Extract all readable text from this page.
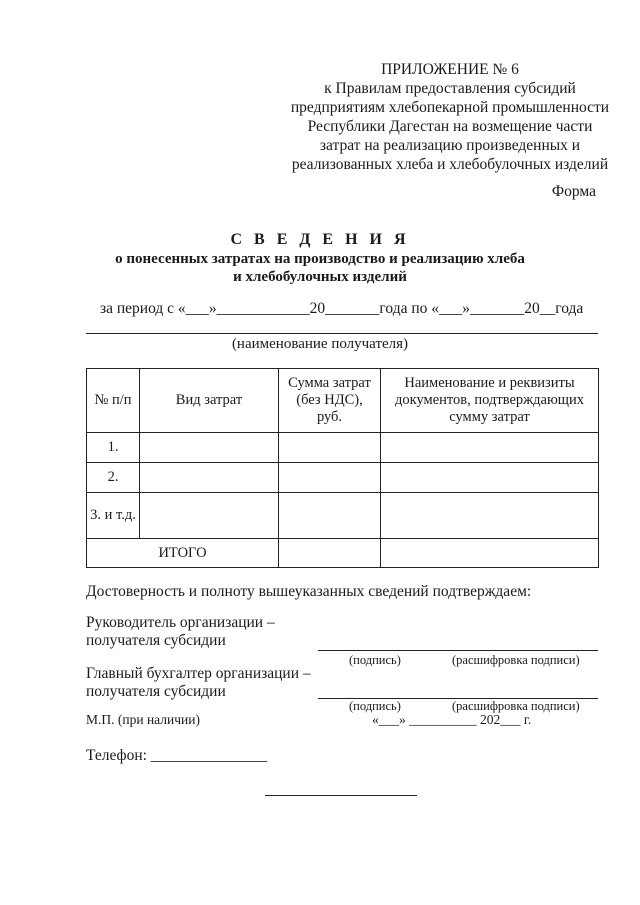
ПРИЛОЖЕНИЕ № 6
к Правилам предоставления субсидий
предприятиям хлебопекарной промышленности
Республики Дагестан на возмещение части
затрат на реализацию произведенных и
реализованных хлеба и хлебобулочных изделий
Форма
С В Е Д Е Н И Я
о понесенных затратах на производство и реализацию хлеба
и хлебобулочных изделий
за период с «___»____________20_______года по «___»_______20__года
(наименование получателя)
№ п/п	Вид затрат	Сумма затрат (без НДС), руб.	Наименование и реквизиты документов, подтверждающих сумму затрат
1.			
2.			
3. и т.д.			
ИТОГО			
Достоверность и полноту вышеуказанных сведений подтверждаем:
Руководитель организации –
получателя субсидии
(подпись)	(расшифровка подписи)
Главный бухгалтер организации –
получателя субсидии
(подпись)	(расшифровка подписи)
М.П. (при наличии)	«___» __________ 202___ г.
Телефон: _______________
